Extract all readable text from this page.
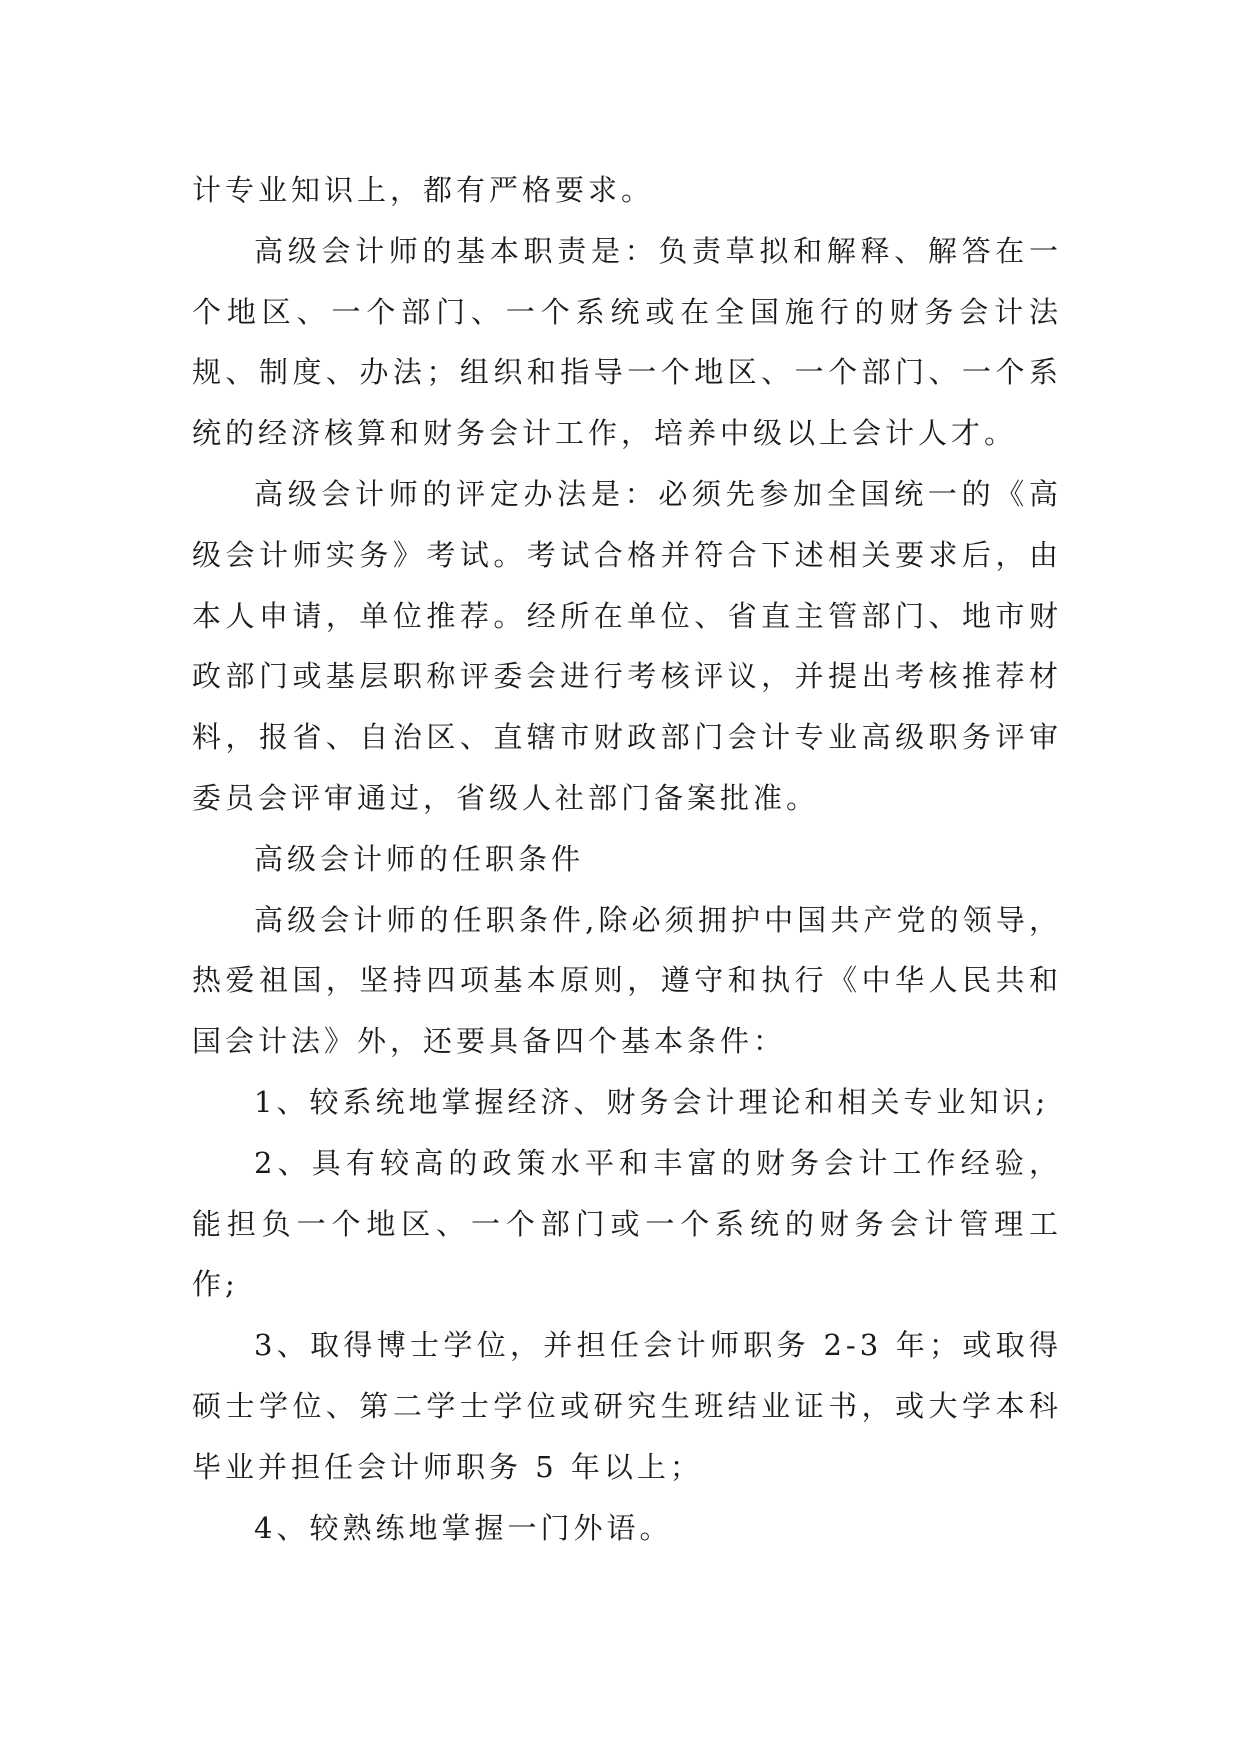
计专业知识上，都有严格要求。

高级会计师的基本职责是：负责草拟和解释、解答在一个地区、一个部门、一个系统或在全国施行的财务会计法规、制度、办法；组织和指导一个地区、一个部门、一个系统的经济核算和财务会计工作，培养中级以上会计人才。

高级会计师的评定办法是：必须先参加全国统一的《高级会计师实务》考试。考试合格并符合下述相关要求后，由本人申请，单位推荐。经所在单位、省直主管部门、地市财政部门或基层职称评委会进行考核评议，并提出考核推荐材料，报省、自治区、直辖市财政部门会计专业高级职务评审委员会评审通过，省级人社部门备案批准。

高级会计师的任职条件

高级会计师的任职条件,除必须拥护中国共产党的领导，热爱祖国，坚持四项基本原则，遵守和执行《中华人民共和国会计法》外，还要具备四个基本条件：

1、较系统地掌握经济、财务会计理论和相关专业知识;

2、具有较高的政策水平和丰富的财务会计工作经验，能担负一个地区、一个部门或一个系统的财务会计管理工作;

3、取得博士学位，并担任会计师职务 2-3 年；或取得硕士学位、第二学士学位或研究生班结业证书，或大学本科毕业并担任会计师职务 5 年以上；

4、较熟练地掌握一门外语。
